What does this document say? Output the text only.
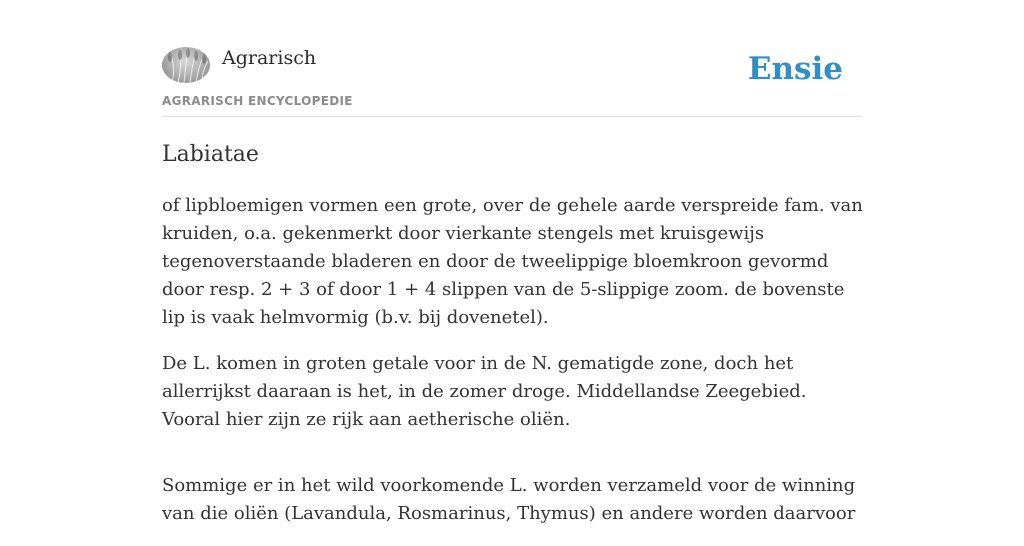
Agrarisch
AGRARISCH ENCYCLOPEDIE
Ensie
Labiatae

of lipbloemigen vormen een grote, over de gehele aarde verspreide fam. van kruiden, o.a. gekenmerkt door vierkante stengels met kruisgewijs tegenoverstaande bladeren en door de tweelippige bloemkroon gevormd door resp. 2 + 3 of door 1 + 4 slippen van de 5-slippige zoom. de bovenste lip is vaak helmvormig (b.v. bij dovenetel).

De L. komen in groten getale voor in de N. gematigde zone, doch het allerrijkst daaraan is het, in de zomer droge. Middellandse Zeegebied. Vooral hier zijn ze rijk aan aetherische oliën.

Sommige er in het wild voorkomende L. worden verzameld voor de winning van die oliën (Lavandula, Rosmarinus, Thymus) en andere worden daarvoor
